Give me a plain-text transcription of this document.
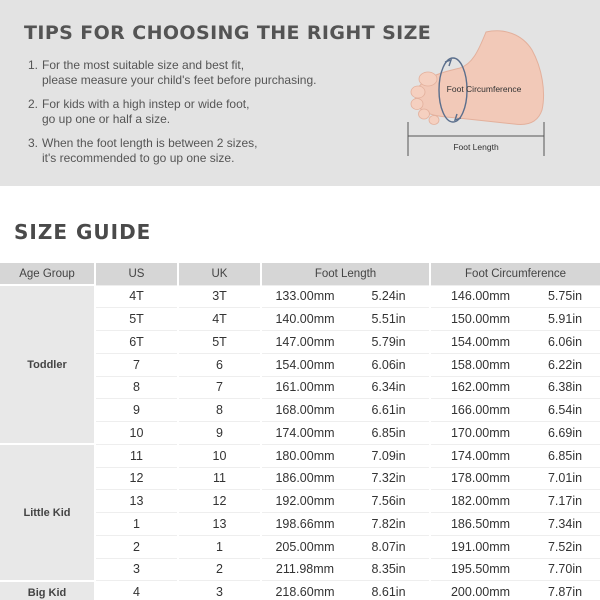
TIPS FOR CHOOSING THE RIGHT SIZE
1. For the most suitable size and best fit,
please measure your child's feet before purchasing.
2. For kids with a high instep or wide foot,
go up one or half a size.
3. When the foot length is between 2 sizes,
it's recommended to go up one size.
Foot Circumference
Foot Length
SIZE GUIDE
Age Group	US	UK	Foot Length		Foot Circumference	
Toddler	4T	3T	133.00mm	5.24in	146.00mm	5.75in
	5T	4T	140.00mm	5.51in	150.00mm	5.91in
	6T	5T	147.00mm	5.79in	154.00mm	6.06in
	7	6	154.00mm	6.06in	158.00mm	6.22in
	8	7	161.00mm	6.34in	162.00mm	6.38in
	9	8	168.00mm	6.61in	166.00mm	6.54in
	10	9	174.00mm	6.85in	170.00mm	6.69in
Little Kid	11	10	180.00mm	7.09in	174.00mm	6.85in
	12	11	186.00mm	7.32in	178.00mm	7.01in
	13	12	192.00mm	7.56in	182.00mm	7.17in
	1	13	198.66mm	7.82in	186.50mm	7.34in
	2	1	205.00mm	8.07in	191.00mm	7.52in
	3	2	211.98mm	8.35in	195.50mm	7.70in
Big Kid	4	3	218.60mm	8.61in	200.00mm	7.87in
